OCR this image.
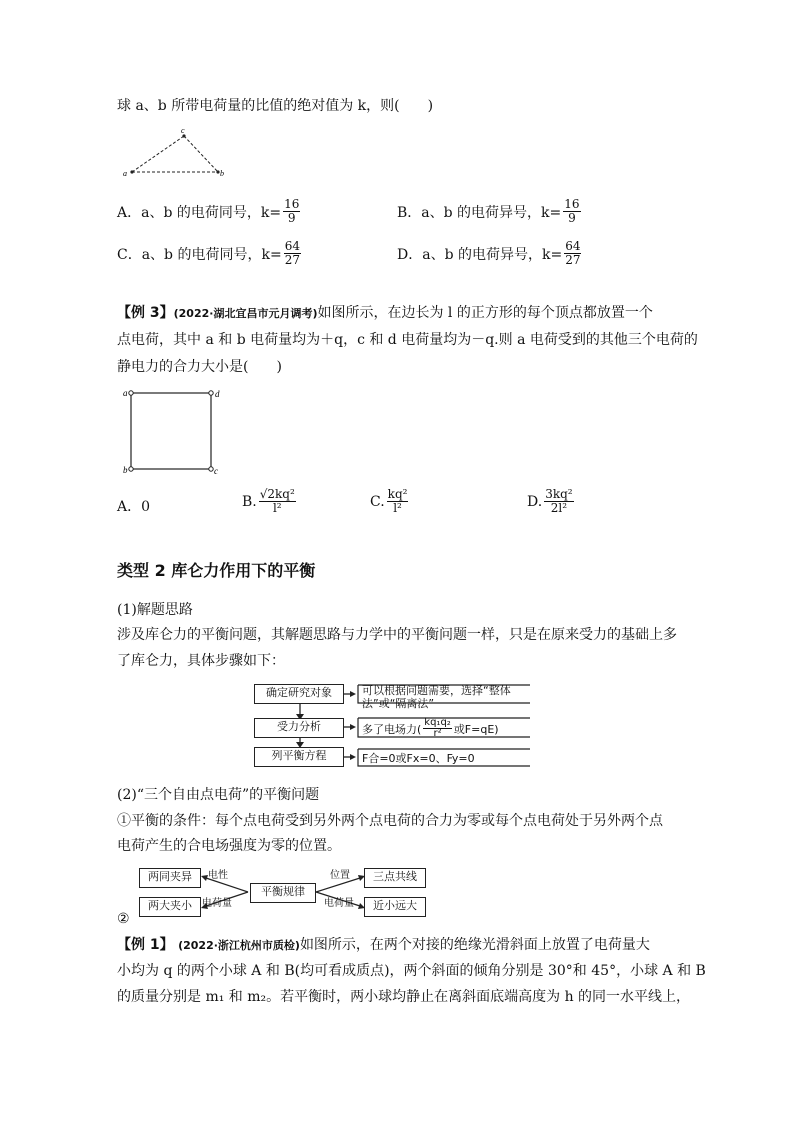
球 a、b 所带电荷量的比值的绝对值为 k，则(　　)
a	b
c
A．a、b 的电荷同号，$k= \frac{16}{9}$	B．a、b 的电荷异号，$k= \frac{16}{9}$
C．a、b 的电荷同号，$k= \frac{64}{27}$	D．a、b 的电荷异号，$k= \frac{64}{27}$
【例 3】(2022·湖北宜昌市元月调考)如图所示，在边长为 l 的正方形的每个顶点都放置一个
点电荷，其中 a 和 b 电荷量均为＋q，c 和 d 电荷量均为－q.则 a 电荷受到的其他三个电荷的
静电力的合力大小是(　　)
a	d
b	c
A．0	B. $\frac{\text{√2kq²}}{\text{l²}}$	C. $\frac{\text{kq²}}{\text{l²}}$	D. $\frac{\text{3kq²}}{\text{2l²}}$
类型 2 库仑力作用下的平衡
(1)解题思路
涉及库仑力的平衡问题，其解题思路与力学中的平衡问题一样，只是在原来受力的基础上多
了库仑力，具体步骤如下：
确定研究对象
受力分析
列平衡方程
可以根据问题需要，选择“整体
法”或“隔离法”
多了电场力( $\frac{\text{kq₁q₂}}{\text{r²}}$ 或F=qE)
F合=0或Fx=0、Fy=0
(2)“三个自由点电荷”的平衡问题
①平衡的条件：每个点电荷受到另外两个点电荷的合力为零或每个点电荷处于另外两个点
电荷产生的合电场强度为零的位置。
两同夹异
两大夹小
平衡规律
三点共线
近小远大
电性
电荷量
位置
电荷量
②
【例 1】 (2022·浙江杭州市质检)如图所示，在两个对接的绝缘光滑斜面上放置了电荷量大
小均为 q 的两个小球 A 和 B(均可看成质点)，两个斜面的倾角分别是 30°和 45°，小球 A 和 B
的质量分别是 m₁ 和 m₂。若平衡时，两小球均静止在离斜面底端高度为 h 的同一水平线上，
